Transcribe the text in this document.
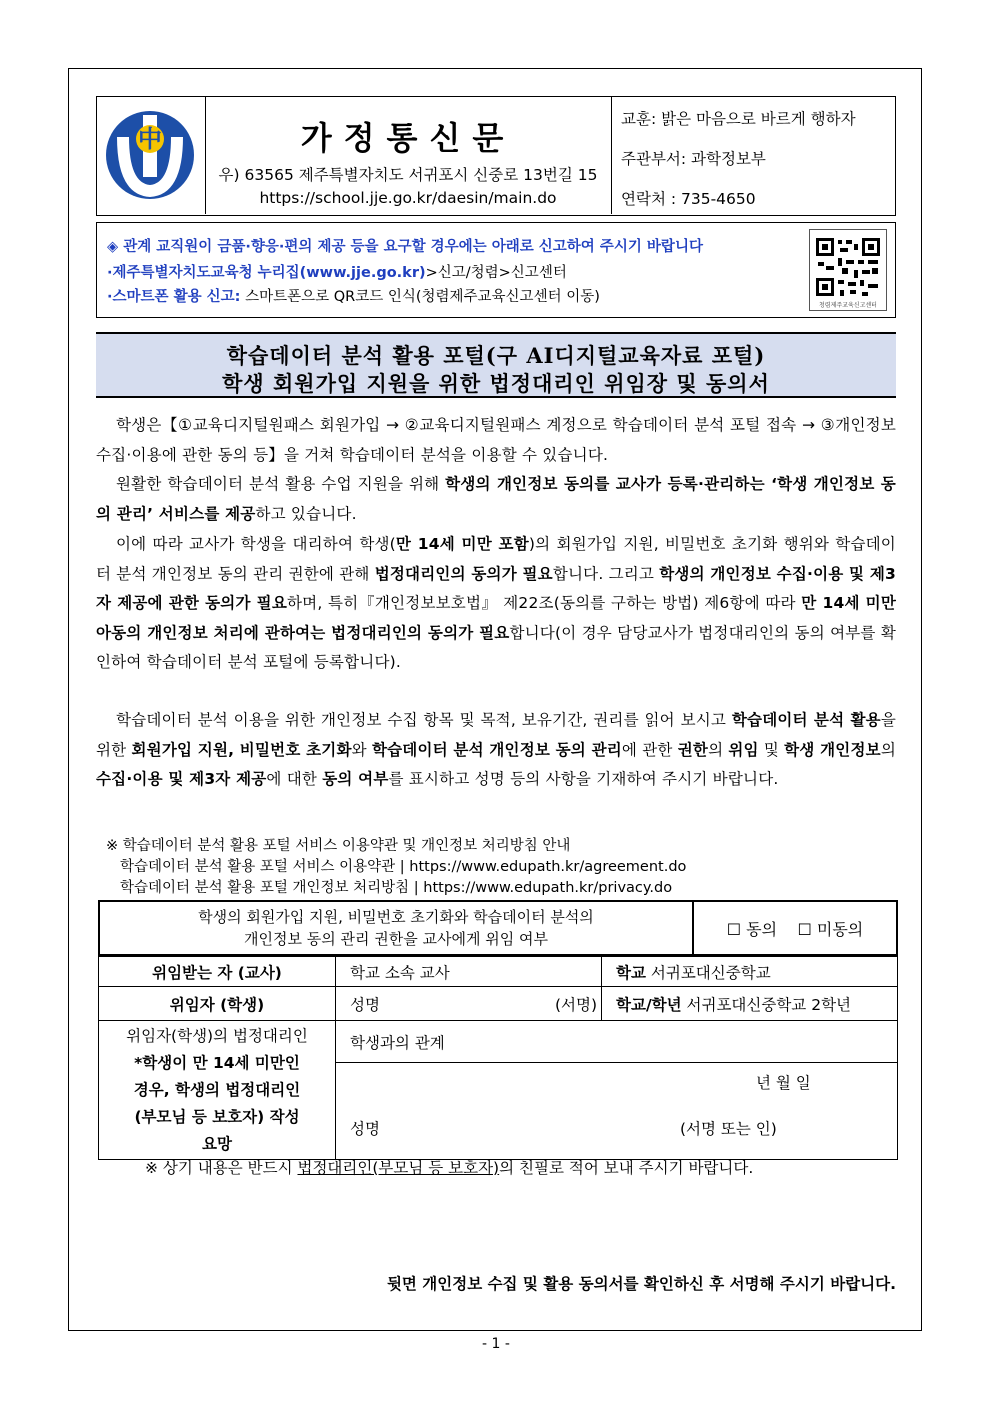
中	가정통신문
우) 63565 제주특별자치도 서귀포시 신중로 13번길 15
https://school.jje.go.kr/daesin/main.do
교훈: 밝은 마음으로 바르게 행하자
주관부서: 과학정보부
연락처 : 735-4650
◈ 관계 교직원이 금품·향응·편의 제공 등을 요구할 경우에는 아래로 신고하여 주시기 바랍니다
·제주특별자치도교육청 누리집(www.jje.go.kr)>신고/청렴>신고센터
·스마트폰 활용 신고: 스마트폰으로 QR코드 인식(청렴제주교육신고센터 이동)
청렴제주교육신고센터
학습데이터 분석 활용 포털(구 AI디지털교육자료 포털)
학생 회원가입 지원을 위한 법정대리인 위임장 및 동의서
학생은【①교육디지털원패스 회원가입 → ②교육디지털원패스 계정으로 학습데이터 분석 포털 접속 → ③개인정보 수집·이용에 관한 동의 등】을 거쳐 학습데이터 분석을 이용할 수 있습니다.
원활한 학습데이터 분석 활용 수업 지원을 위해 학생의 개인정보 동의를 교사가 등록·관리하는 ‘학생 개인정보 동의 관리’ 서비스를 제공하고 있습니다.
이에 따라 교사가 학생을 대리하여 학생(만 14세 미만 포함)의 회원가입 지원, 비밀번호 초기화 행위와 학습데이터 분석 개인정보 동의 관리 권한에 관해 법정대리인의 동의가 필요합니다. 그리고 학생의 개인정보 수집·이용 및 제3자 제공에 관한 동의가 필요하며, 특히『개인정보보호법』 제22조(동의를 구하는 방법) 제6항에 따라 만 14세 미만 아동의 개인정보 처리에 관하여는 법정대리인의 동의가 필요합니다(이 경우 담당교사가 법정대리인의 동의 여부를 확인하여 학습데이터 분석 포털에 등록합니다).
학습데이터 분석 이용을 위한 개인정보 수집 항목 및 목적, 보유기간, 권리를 읽어 보시고 학습데이터 분석 활용을 위한 회원가입 지원, 비밀번호 초기화와 학습데이터 분석 개인정보 동의 관리에 관한 권한의 위임 및 학생 개인정보의 수집·이용 및 제3자 제공에 대한 동의 여부를 표시하고 성명 등의 사항을 기재하여 주시기 바랍니다.
※ 학습데이터 분석 활용 포털 서비스 이용약관 및 개인정보 처리방침 안내
학습데이터 분석 활용 포털 서비스 이용약관 | https://www.edupath.kr/agreement.do
학습데이터 분석 활용 포털 개인정보 처리방침 | https://www.edupath.kr/privacy.do
학생의 회원가입 지원, 비밀번호 초기화와 학습데이터 분석의
개인정보 동의 관리 권한을 교사에게 위임 여부
	☐ 동의 ☐ 미동의
위임받는 자 (교사)	학교 소속 교사	학교 서귀포대신중학교
위임자 (학생)	성명 (서명)	학교/학년 서귀포대신중학교 2학년

위임자(학생)의 법정대리인
*학생이 만 14세 미만인 경우, 학생의 법정대리인(부모님 등 보호자) 작성 요망	학생과의 관계	

	년 월 일
성명 (서명 또는 인)	
※ 상기 내용은 반드시 법정대리인(부모님 등 보호자)의 친필로 적어 보내 주시기 바랍니다.
뒷면 개인정보 수집 및 활용 동의서를 확인하신 후 서명해 주시기 바랍니다.
- 1 -
